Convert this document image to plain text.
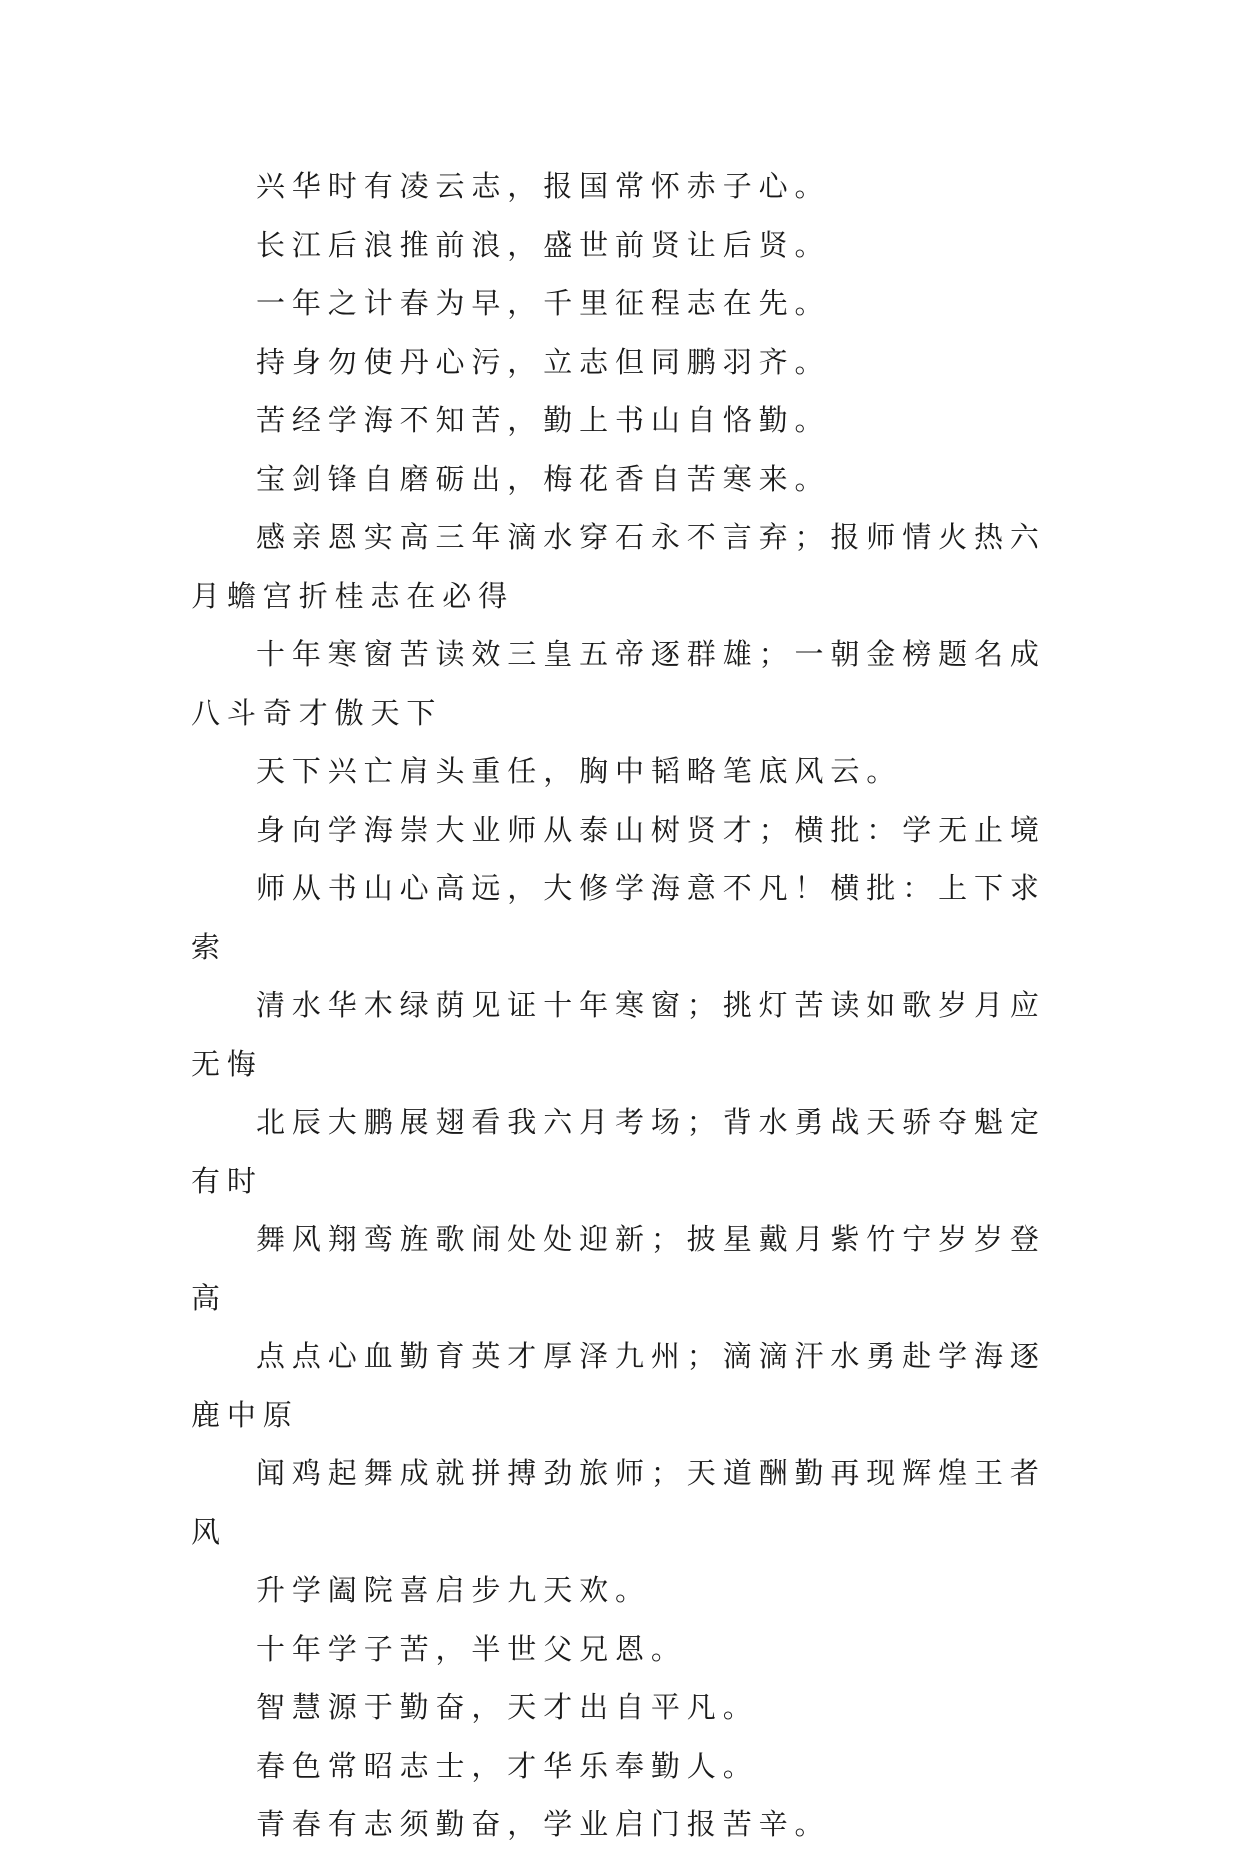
兴华时有凌云志，报国常怀赤子心。

长江后浪推前浪，盛世前贤让后贤。

一年之计春为早，千里征程志在先。

持身勿使丹心污，立志但同鹏羽齐。

苦经学海不知苦，勤上书山自恪勤。

宝剑锋自磨砺出，梅花香自苦寒来。

感亲恩实高三年滴水穿石永不言弃；报师情火热六月蟾宫折桂志在必得

十年寒窗苦读效三皇五帝逐群雄；一朝金榜题名成八斗奇才傲天下

天下兴亡肩头重任，胸中韬略笔底风云。

身向学海崇大业师从泰山树贤才；横批：学无止境

师从书山心高远，大修学海意不凡！横批：上下求索

清水华木绿荫见证十年寒窗；挑灯苦读如歌岁月应无悔

北辰大鹏展翅看我六月考场；背水勇战天骄夺魁定有时

舞风翔鸾旌歌闹处处迎新；披星戴月紫竹宁岁岁登高

点点心血勤育英才厚泽九州；滴滴汗水勇赴学海逐鹿中原

闻鸡起舞成就拼搏劲旅师；天道酬勤再现辉煌王者风

升学阖院喜启步九天欢。

十年学子苦，半世父兄恩。

智慧源于勤奋，天才出自平凡。

春色常昭志士，才华乐奉勤人。

青春有志须勤奋，学业启门报苦辛。
